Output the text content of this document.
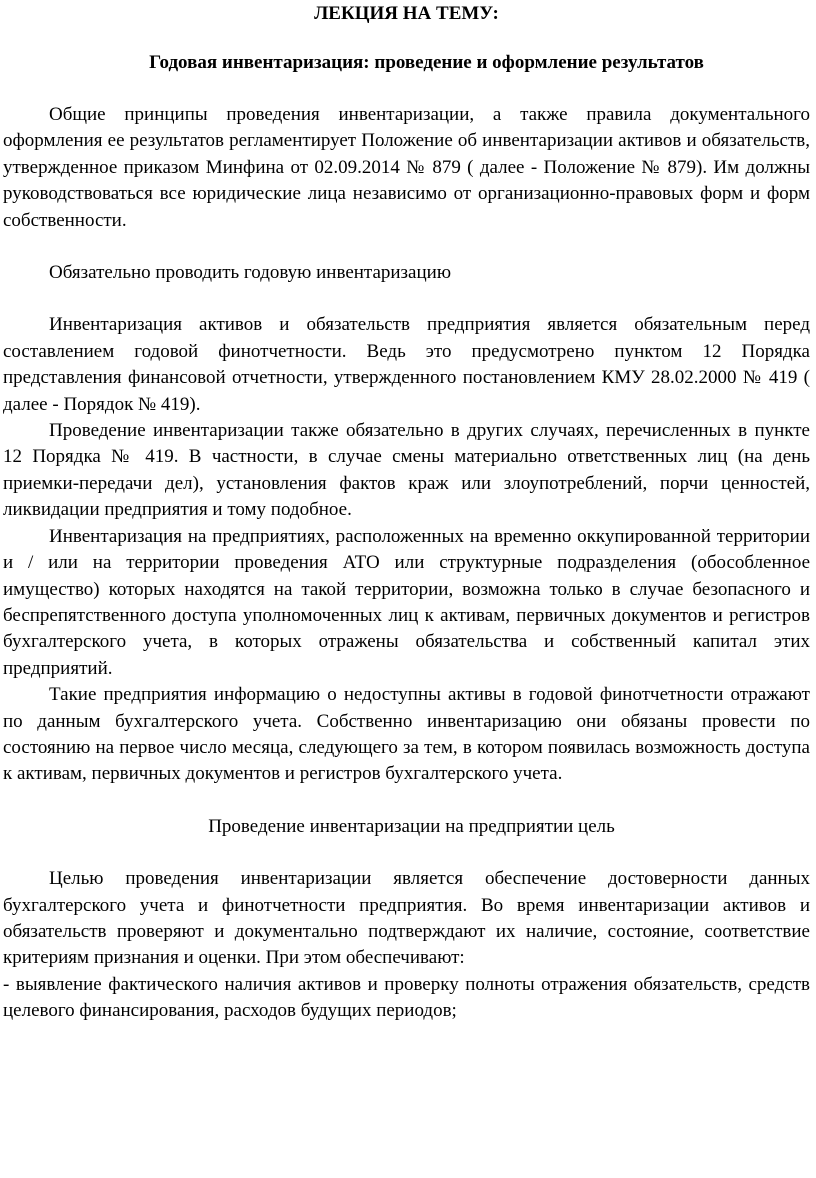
ЛЕКЦИЯ НА ТЕМУ:
Годовая инвентаризация: проведение и оформление результатов

Общие принципы проведения инвентаризации, а также правила документального оформления ее результатов регламентирует Положение об инвентаризации активов и обязательств, утвержденное приказом Минфина от 02.09.2014 № 879 ( далее - Положение № 879). Им должны руководствоваться все юридические лица независимо от организационно-правовых форм и форм собственности.

Обязательно проводить годовую инвентаризацию

Инвентаризация активов и обязательств предприятия является обязательным перед составлением годовой финотчетности. Ведь это предусмотрено пунктом 12 Порядка представления финансовой отчетности, утвержденного постановлением КМУ 28.02.2000 № 419 ( далее - Порядок № 419).

Проведение инвентаризации также обязательно в других случаях, перечисленных в пункте 12 Порядка № 419. В частности, в случае смены материально ответственных лиц (на день приемки-передачи дел), установления фактов краж или злоупотреблений, порчи ценностей, ликвидации предприятия и тому подобное.

Инвентаризация на предприятиях, расположенных на временно оккупированной территории и / или на территории проведения АТО или структурные подразделения (обособленное имущество) которых находятся на такой территории, возможна только в случае безопасного и беспрепятственного доступа уполномоченных лиц к активам, первичных документов и регистров бухгалтерского учета, в которых отражены обязательства и собственный капитал этих предприятий.

Такие предприятия информацию о недоступны активы в годовой финотчетности отражают по данным бухгалтерского учета. Собственно инвентаризацию они обязаны провести по состоянию на первое число месяца, следующего за тем, в котором появилась возможность доступа к активам, первичных документов и регистров бухгалтерского учета.

Проведение инвентаризации на предприятии цель

Целью проведения инвентаризации является обеспечение достоверности данных бухгалтерского учета и финотчетности предприятия. Во время инвентаризации активов и обязательств проверяют и документально подтверждают их наличие, состояние, соответствие критериям признания и оценки. При этом обеспечивают:

- выявление фактического наличия активов и проверку полноты отражения обязательств, средств целевого финансирования, расходов будущих периодов;
